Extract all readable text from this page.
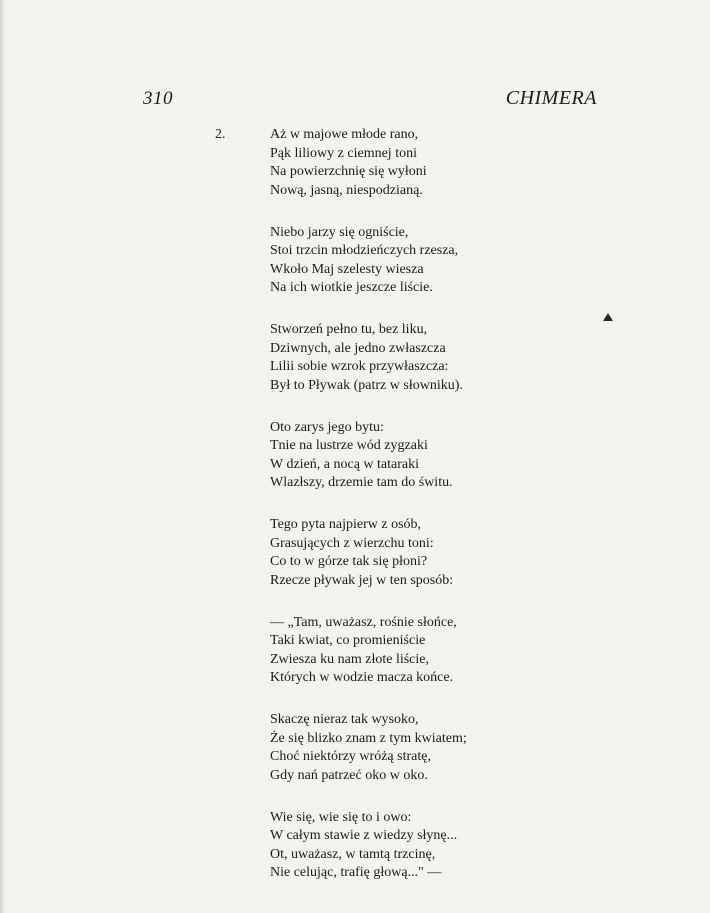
310	CHIMERA
2.	Aż w majowe młode rano,
Pąk liliowy z ciemnej toni
Na powierzchnię się wyłoni
Nową, jasną, niespodzianą.
Niebo jarzy się ogniście,
Stoi trzcin młodzieńczych rzesza,
Wkoło Maj szelesty wiesza
Na ich wiotkie jeszcze liście.
Stworzeń pełno tu, bez liku,
Dziwnych, ale jedno zwłaszcza
Lilii sobie wzrok przywłaszcza:
Był to Pływak (patrz w słowniku).
Oto zarys jego bytu:
Tnie na lustrze wód zygzaki
W dzień, a nocą w tataraki
Wlazłszy, drzemie tam do świtu.
Tego pyta najpierw z osób,
Grasujących z wierzchu toni:
Co to w górze tak się płoni?
Rzecze pływak jej w ten sposób:
— „Tam, uważasz, rośnie słońce,
Taki kwiat, co promieniście
Zwiesza ku nam złote liście,
Których w wodzie macza końce.
Skaczę nieraz tak wysoko,
Że się blizko znam z tym kwiatem;
Choć niektórzy wróżą stratę,
Gdy nań patrzeć oko w oko.
Wie się, wie się to i owo:
W całym stawie z wiedzy słynę...
Ot, uważasz, w tamtą trzcinę,
Nie celując, trafię głową..." —
